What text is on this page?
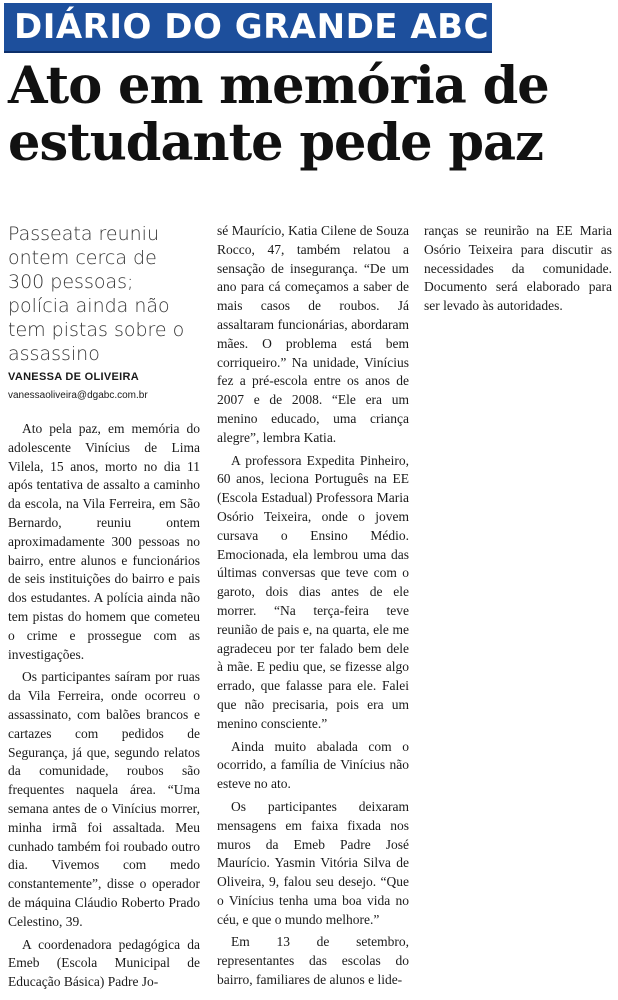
DIÁRIO DO GRANDE ABC
Ato em memória de
estudante pede paz
Passeata reuniu ontem cerca de 300 pessoas; polícia ainda não tem pistas sobre o assassino
VANESSA DE OLIVEIRA
vanessaoliveira@dgabc.com.br

Ato pela paz, em memória do adolescente Vinícius de Lima Vilela, 15 anos, morto no dia 11 após tentativa de assalto a caminho da escola, na Vila Ferreira, em São Bernardo, reuniu ontem aproximadamente 300 pessoas no bairro, entre alunos e funcionários de seis instituições do bairro e pais dos estudantes. A polícia ainda não tem pistas do homem que cometeu o crime e prossegue com as investigações.

Os participantes saíram por ruas da Vila Ferreira, onde ocorreu o assassinato, com balões brancos e cartazes com pedidos de Segurança, já que, segundo relatos da comunidade, roubos são frequentes naquela área. “Uma semana antes de o Vinícius morrer, minha irmã foi assaltada. Meu cunhado também foi roubado outro dia. Vivemos com medo constantemente”, disse o operador de máquina Cláudio Roberto Prado Celestino, 39.

A coordenadora pedagógica da Emeb (Escola Municipal de Educação Básica) Padre Jo-

sé Maurício, Katia Cilene de Souza Rocco, 47, também relatou a sensação de insegurança. “De um ano para cá começamos a saber de mais casos de roubos. Já assaltaram funcionárias, abordaram mães. O problema está bem corriqueiro.” Na unidade, Vinícius fez a pré-escola entre os anos de 2007 e de 2008. “Ele era um menino educado, uma criança alegre”, lembra Katia.

A professora Expedita Pinheiro, 60 anos, leciona Português na EE (Escola Estadual) Professora Maria Osório Teixeira, onde o jovem cursava o Ensino Médio. Emocionada, ela lembrou uma das últimas conversas que teve com o garoto, dois dias antes de ele morrer. “Na terça-feira teve reunião de pais e, na quarta, ele me agradeceu por ter falado bem dele à mãe. E pediu que, se fizesse algo errado, que falasse para ele. Falei que não precisaria, pois era um menino consciente.”

Ainda muito abalada com o ocorrido, a família de Vinícius não esteve no ato.

Os participantes deixaram mensagens em faixa fixada nos muros da Emeb Padre José Maurício. Yasmin Vitória Silva de Oliveira, 9, falou seu desejo. “Que o Vinícius tenha uma boa vida no céu, e que o mundo melhore.”

Em 13 de setembro, representantes das escolas do bairro, familiares de alunos e lide-

ranças se reunirão na EE Maria Osório Teixeira para discutir as necessidades da comunidade. Documento será elaborado para ser levado às autoridades.
